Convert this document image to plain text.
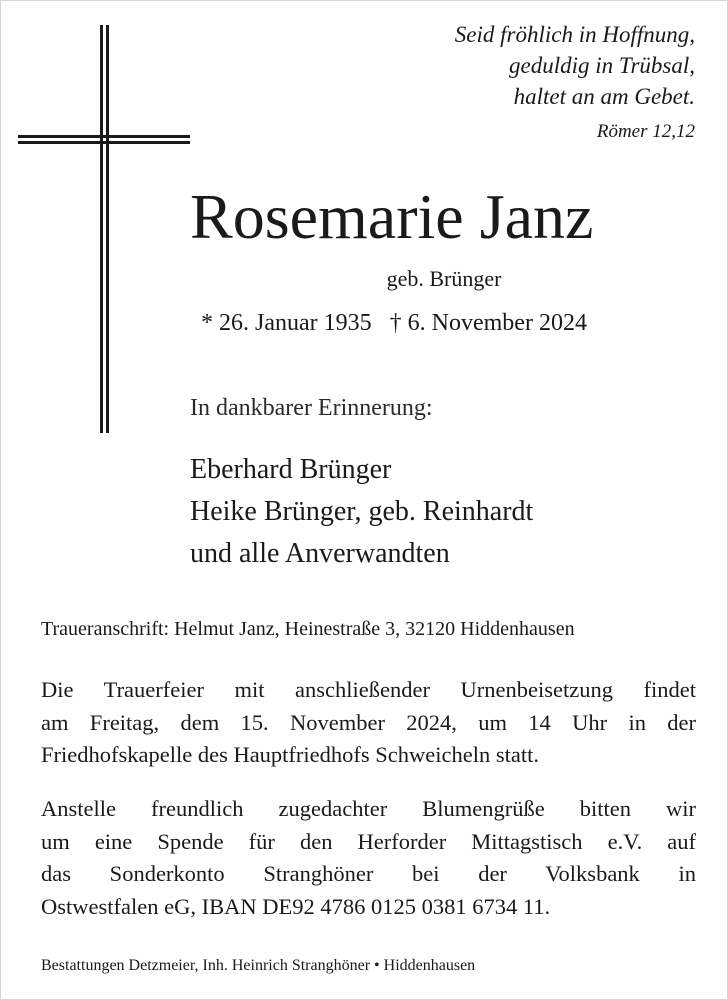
Seid fröhlich in Hoffnung,
geduldig in Trübsal,
haltet an am Gebet.
Römer 12,12
Rosemarie Janz
geb. Brünger
* 26. Januar 1935 † 6. November 2024
In dankbarer Erinnerung:
Eberhard Brünger
Heike Brünger, geb. Reinhardt
und alle Anverwandten
Traueranschrift: Helmut Janz, Heinestraße 3, 32120 Hiddenhausen
Die Trauerfeier mit anschließender Urnenbeisetzung findet
am Freitag, dem 15. November 2024, um 14 Uhr in der
Friedhofskapelle des Hauptfriedhofs Schweicheln statt.
Anstelle freundlich zugedachter Blumengrüße bitten wir
um eine Spende für den Herforder Mittagstisch e.V. auf
das Sonderkonto Stranghöner bei der Volksbank in
Ostwestfalen eG, IBAN DE92 4786 0125 0381 6734 11.
Bestattungen Detzmeier, Inh. Heinrich Stranghöner • Hiddenhausen
